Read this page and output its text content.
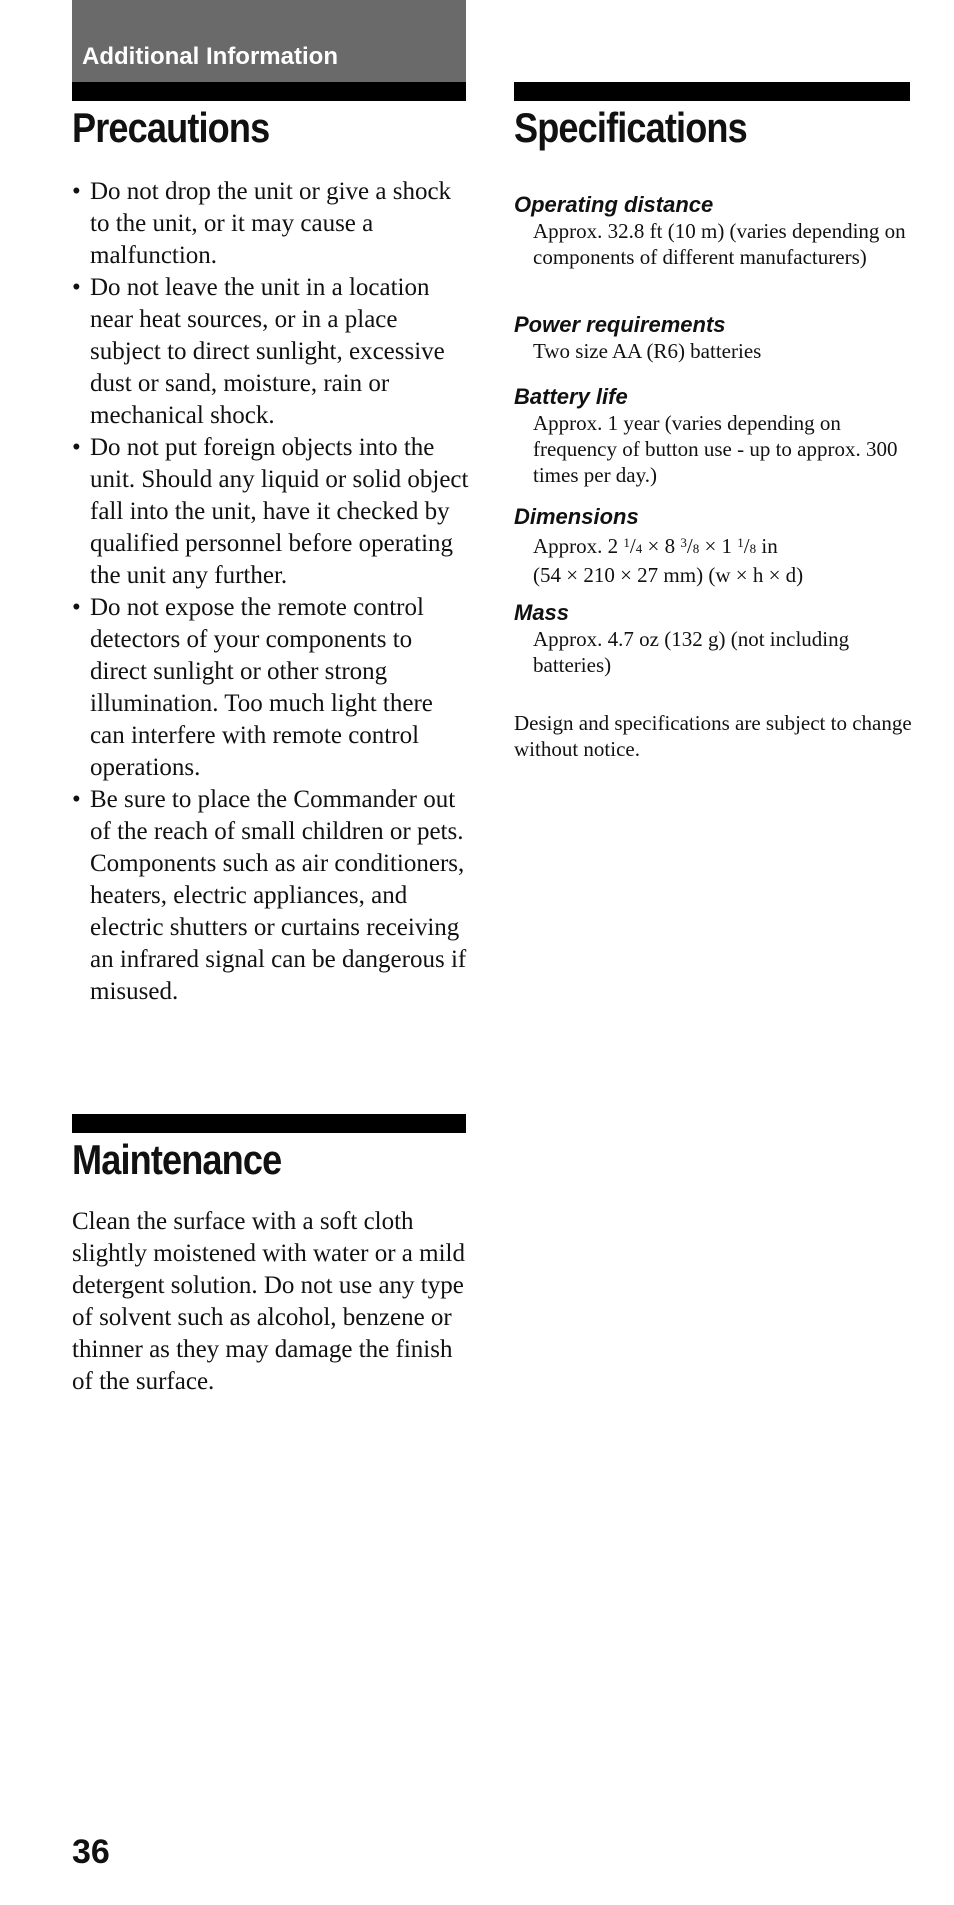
Additional Information
Precautions	Specifications
Maintenance
• Do not drop the unit or give a shock to the unit, or it may cause a malfunction.
• Do not leave the unit in a location near heat sources, or in a place subject to direct sunlight, excessive dust or sand, moisture, rain or mechanical shock.
• Do not put foreign objects into the unit. Should any liquid or solid object fall into the unit, have it checked by qualified personnel before operating the unit any further.
• Do not expose the remote control detectors of your components to direct sunlight or other strong illumination. Too much light there can interfere with remote control operations.
• Be sure to place the Commander out of the reach of small children or pets. Components such as air conditioners, heaters, electric appliances, and electric shutters or curtains receiving an infrared signal can be dangerous if misused.

Clean the surface with a soft cloth slightly moistened with water or a mild detergent solution. Do not use any type of solvent such as alcohol, benzene or thinner as they may damage the finish of the surface.

Operating distance
Approx. 32.8 ft (10 m) (varies depending on components of different manufacturers)
Power requirements
Two size AA (R6) batteries
Battery life
Approx. 1 year (varies depending on frequency of button use - up to approx. 300 times per day.)
Dimensions
Approx. 2 $^1$/4 × 8 $^3$/8 × 1 $^1$/8 in
(54 × 210 × 27 mm) (w × h × d)
Mass
Approx. 4.7 oz (132 g) (not including batteries)

Design and specifications are subject to change without notice.

36
